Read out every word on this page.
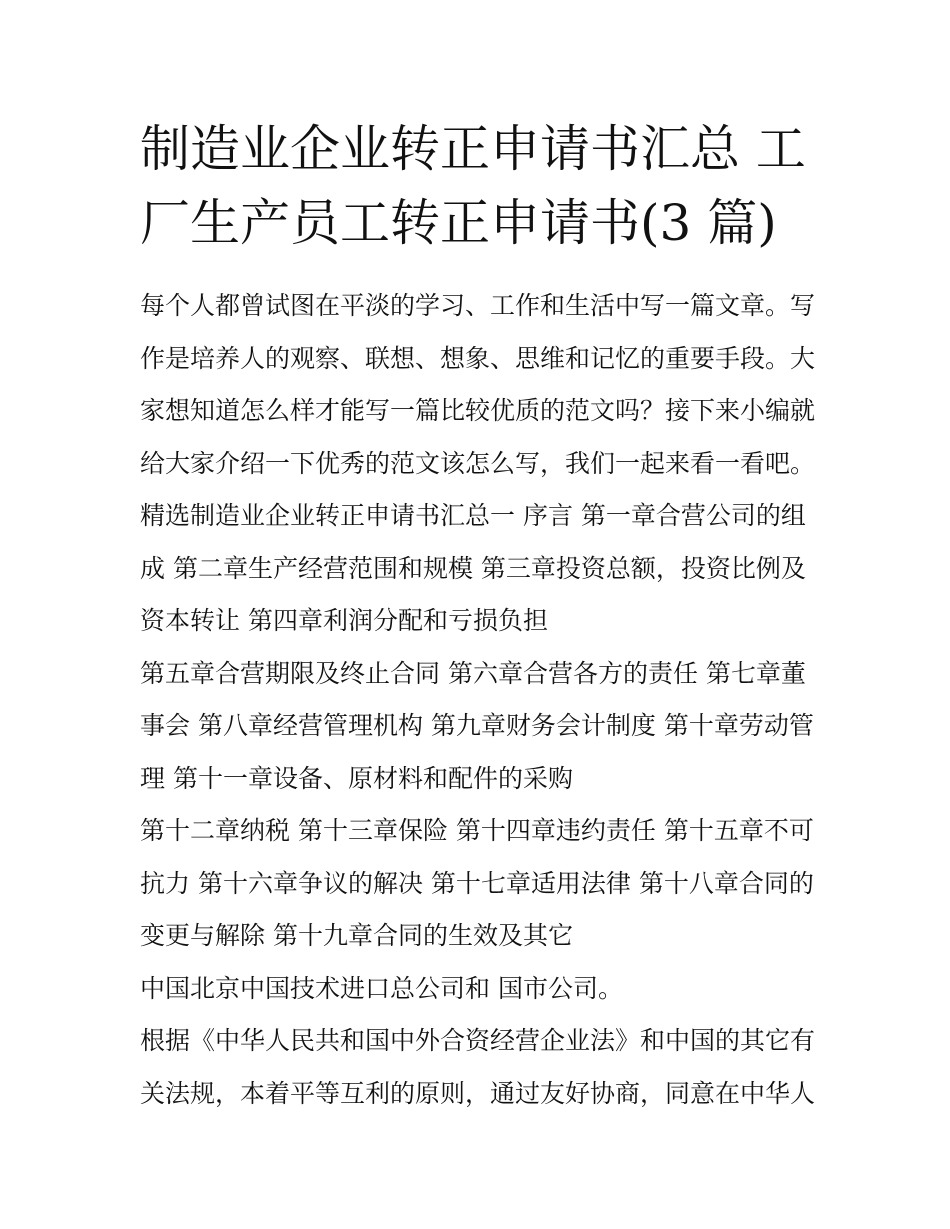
制造业企业转正申请书汇总 工
厂生产员工转正申请书(3 篇)

每个人都曾试图在平淡的学习、工作和生活中写一篇文章。写
作是培养人的观察、联想、想象、思维和记忆的重要手段。大
家想知道怎么样才能写一篇比较优质的范文吗？接下来小编就
给大家介绍一下优秀的范文该怎么写，我们一起来看一看吧。

精选制造业企业转正申请书汇总一 序言 第一章合营公司的组
成 第二章生产经营范围和规模 第三章投资总额，投资比例及
资本转让 第四章利润分配和亏损负担

第五章合营期限及终止合同 第六章合营各方的责任 第七章董
事会 第八章经营管理机构 第九章财务会计制度 第十章劳动管
理 第十一章设备、原材料和配件的采购

第十二章纳税 第十三章保险 第十四章违约责任 第十五章不可
抗力 第十六章争议的解决 第十七章适用法律 第十八章合同的
变更与解除 第十九章合同的生效及其它

中国北京中国技术进口总公司和 国市公司。

根据《中华人民共和国中外合资经营企业法》和中国的其它有
关法规，本着平等互利的原则，通过友好协商，同意在中华人
